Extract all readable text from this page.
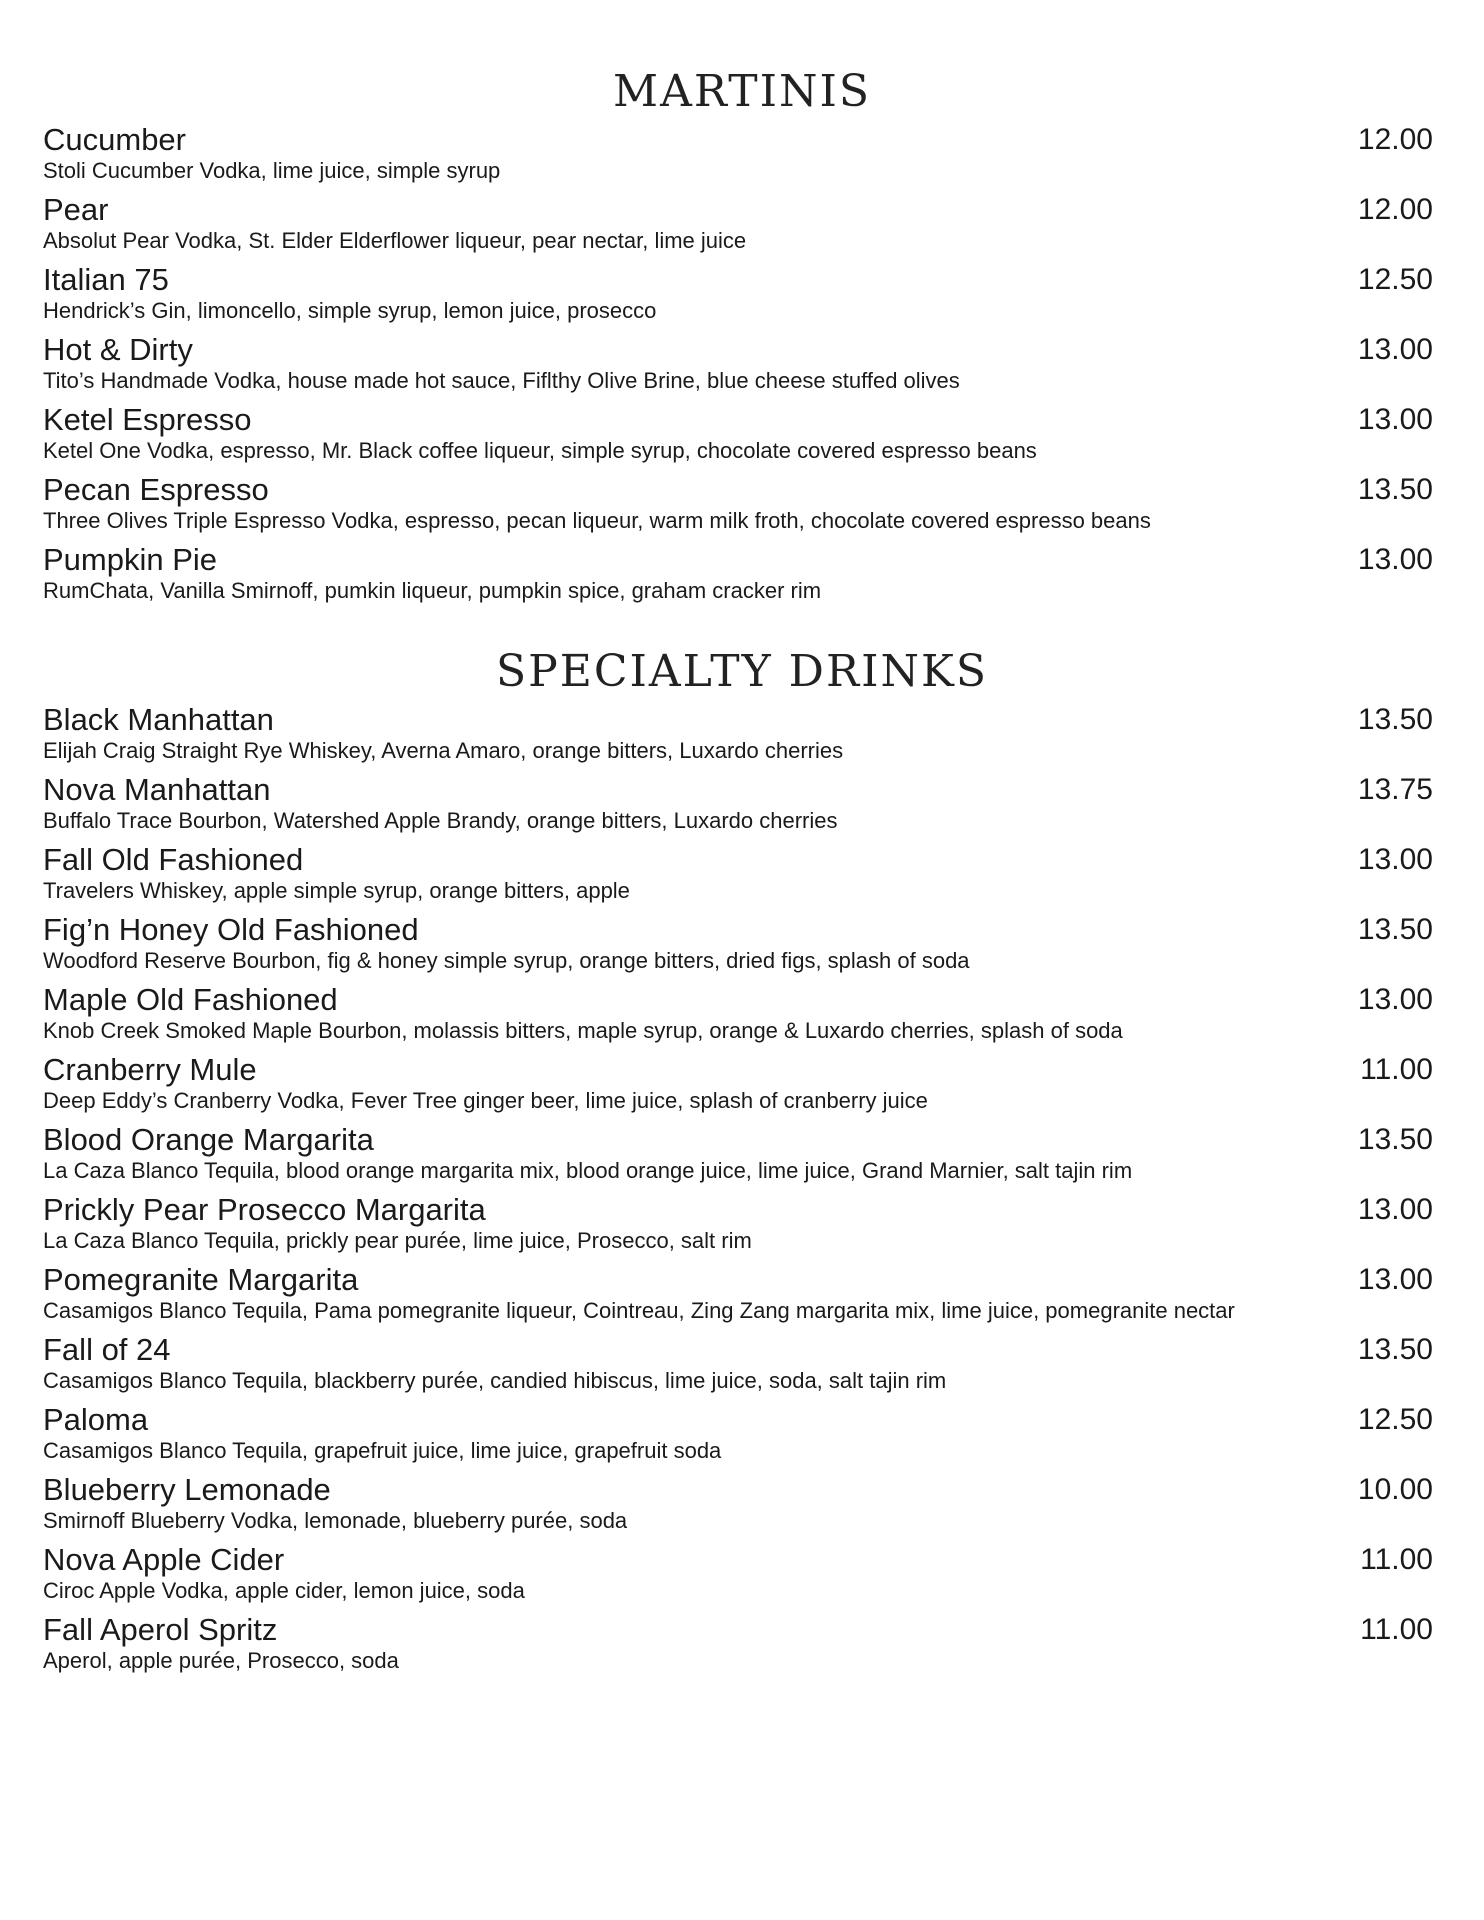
MARTINIS
Cucumber	12.00
Stoli Cucumber Vodka, lime juice, simple syrup
Pear	12.00
Absolut Pear Vodka, St. Elder Elderflower liqueur, pear nectar, lime juice
Italian 75	12.50
Hendrick’s Gin, limoncello, simple syrup, lemon juice, prosecco
Hot & Dirty	13.00
Tito’s Handmade Vodka, house made hot sauce, Fiflthy Olive Brine, blue cheese stuffed olives
Ketel Espresso	13.00
Ketel One Vodka, espresso, Mr. Black coffee liqueur, simple syrup, chocolate covered espresso beans
Pecan Espresso	13.50
Three Olives Triple Espresso Vodka, espresso, pecan liqueur, warm milk froth, chocolate covered espresso beans
Pumpkin Pie	13.00
RumChata, Vanilla Smirnoff, pumkin liqueur, pumpkin spice, graham cracker rim
SPECIALTY DRINKS
Black Manhattan	13.50
Elijah Craig Straight Rye Whiskey, Averna Amaro, orange bitters, Luxardo cherries
Nova Manhattan	13.75
Buffalo Trace Bourbon, Watershed Apple Brandy, orange bitters, Luxardo cherries
Fall Old Fashioned	13.00
Travelers Whiskey, apple simple syrup, orange bitters, apple
Fig’n Honey Old Fashioned	13.50
Woodford Reserve Bourbon, fig & honey simple syrup, orange bitters, dried figs, splash of soda
Maple Old Fashioned	13.00
Knob Creek Smoked Maple Bourbon, molassis bitters, maple syrup, orange & Luxardo cherries, splash of soda
Cranberry Mule	11.00
Deep Eddy’s Cranberry Vodka, Fever Tree ginger beer, lime juice, splash of cranberry juice
Blood Orange Margarita	13.50
La Caza Blanco Tequila, blood orange margarita mix, blood orange juice, lime juice, Grand Marnier, salt tajin rim
Prickly Pear Prosecco Margarita	13.00
La Caza Blanco Tequila, prickly pear purée, lime juice, Prosecco, salt rim
Pomegranite Margarita	13.00
Casamigos Blanco Tequila, Pama pomegranite liqueur, Cointreau, Zing Zang margarita mix, lime juice, pomegranite nectar
Fall of 24	13.50
Casamigos Blanco Tequila, blackberry purée, candied hibiscus, lime juice, soda, salt tajin rim
Paloma	12.50
Casamigos Blanco Tequila, grapefruit juice, lime juice, grapefruit soda
Blueberry Lemonade	10.00
Smirnoff Blueberry Vodka, lemonade, blueberry purée, soda
Nova Apple Cider	11.00
Ciroc Apple Vodka, apple cider, lemon juice, soda
Fall Aperol Spritz	11.00
Aperol, apple purée, Prosecco, soda
